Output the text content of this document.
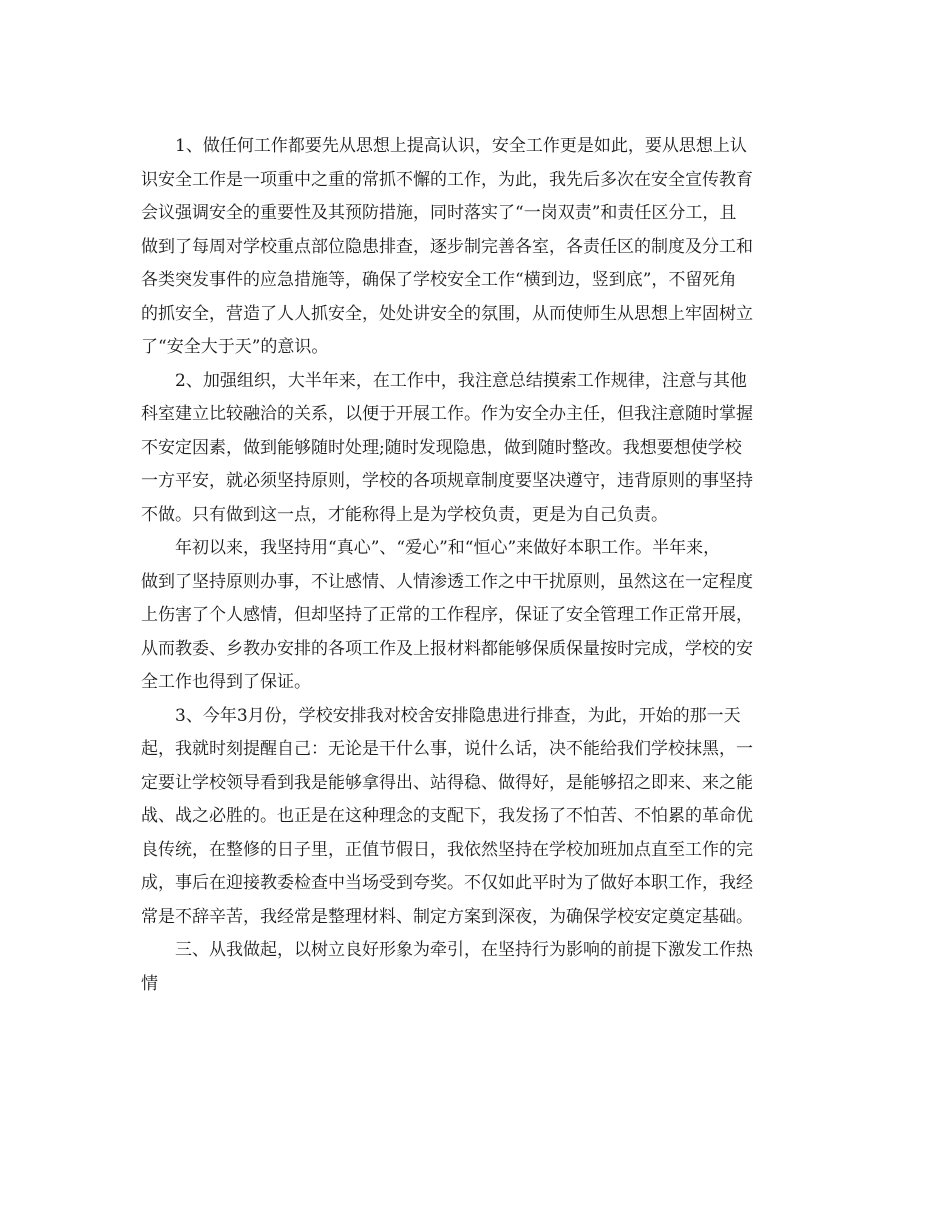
　　1、做任何工作都要先从思想上提高认识，安全工作更是如此，要从思想上认
识安全工作是一项重中之重的常抓不懈的工作，为此，我先后多次在安全宣传教育
会议强调安全的重要性及其预防措施，同时落实了“一岗双责”和责任区分工，且
做到了每周对学校重点部位隐患排查，逐步制完善各室，各责任区的制度及分工和
各类突发事件的应急措施等，确保了学校安全工作“横到边，竖到底”，不留死角
的抓安全，营造了人人抓安全，处处讲安全的氛围，从而使师生从思想上牢固树立
了“安全大于天”的意识。
　　2、加强组织，大半年来，在工作中，我注意总结摸索工作规律，注意与其他
科室建立比较融洽的关系，以便于开展工作。作为安全办主任，但我注意随时掌握
不安定因素，做到能够随时处理;随时发现隐患，做到随时整改。我想要想使学校
一方平安，就必须坚持原则，学校的各项规章制度要坚决遵守，违背原则的事坚持
不做。只有做到这一点，才能称得上是为学校负责，更是为自己负责。
　　年初以来，我坚持用“真心”、“爱心”和“恒心”来做好本职工作。半年来，
做到了坚持原则办事，不让感情、人情渗透工作之中干扰原则，虽然这在一定程度
上伤害了个人感情，但却坚持了正常的工作程序，保证了安全管理工作正常开展，
从而教委、乡教办安排的各项工作及上报材料都能够保质保量按时完成，学校的安
全工作也得到了保证。
　　3、今年3月份，学校安排我对校舍安排隐患进行排查，为此，开始的那一天
起，我就时刻提醒自己：无论是干什么事，说什么话，决不能给我们学校抹黑，一
定要让学校领导看到我是能够拿得出、站得稳、做得好，是能够招之即来、来之能
战、战之必胜的。也正是在这种理念的支配下，我发扬了不怕苦、不怕累的革命优
良传统，在整修的日子里，正值节假日，我依然坚持在学校加班加点直至工作的完
成，事后在迎接教委检查中当场受到夸奖。不仅如此平时为了做好本职工作，我经
常是不辞辛苦，我经常是整理材料、制定方案到深夜，为确保学校安定奠定基础。
　　三、从我做起，以树立良好形象为牵引，在坚持行为影响的前提下激发工作热
情
